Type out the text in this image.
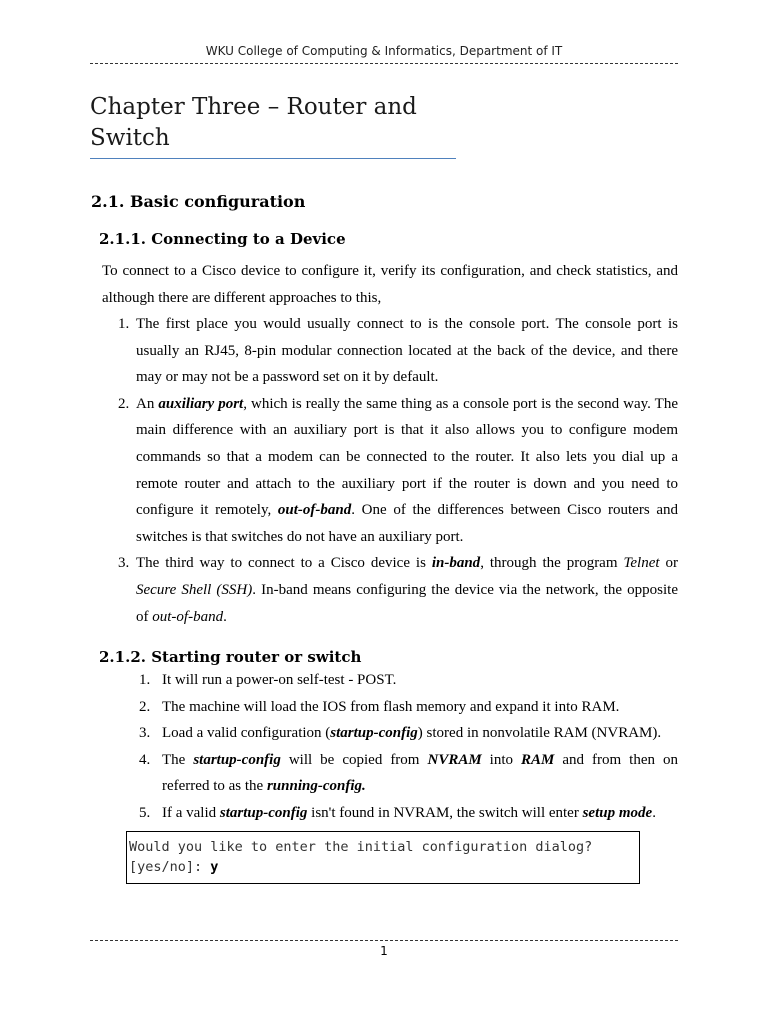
WKU College of Computing & Informatics, Department of IT
Chapter Three – Router and Switch
2.1. Basic configuration
2.1.1. Connecting to a Device

To connect to a Cisco device to configure it, verify its configuration, and check statistics, and although there are different approaches to this,

1. The first place you would usually connect to is the console port. The console port is usually an RJ45, 8-pin modular connection located at the back of the device, and there may or may not be a password set on it by default.
2. An auxiliary port, which is really the same thing as a console port is the second way. The main difference with an auxiliary port is that it also allows you to configure modem commands so that a modem can be connected to the router. It also lets you dial up a remote router and attach to the auxiliary port if the router is down and you need to configure it remotely, out-of-band. One of the differences between Cisco routers and switches is that switches do not have an auxiliary port.
3. The third way to connect to a Cisco device is in-band, through the program Telnet or Secure Shell (SSH). In-band means configuring the device via the network, the opposite of out-of-band.
2.1.2. Starting router or switch
1. It will run a power-on self-test - POST.
2. The machine will load the IOS from flash memory and expand it into RAM.
3. Load a valid configuration (startup-config) stored in nonvolatile RAM (NVRAM).
4. The startup-config will be copied from NVRAM into RAM and from then on referred to as the running-config.
5. If a valid startup-config isn't found in NVRAM, the switch will enter setup mode.
Would you like to enter the initial configuration dialog?
[yes/no]: y
1
